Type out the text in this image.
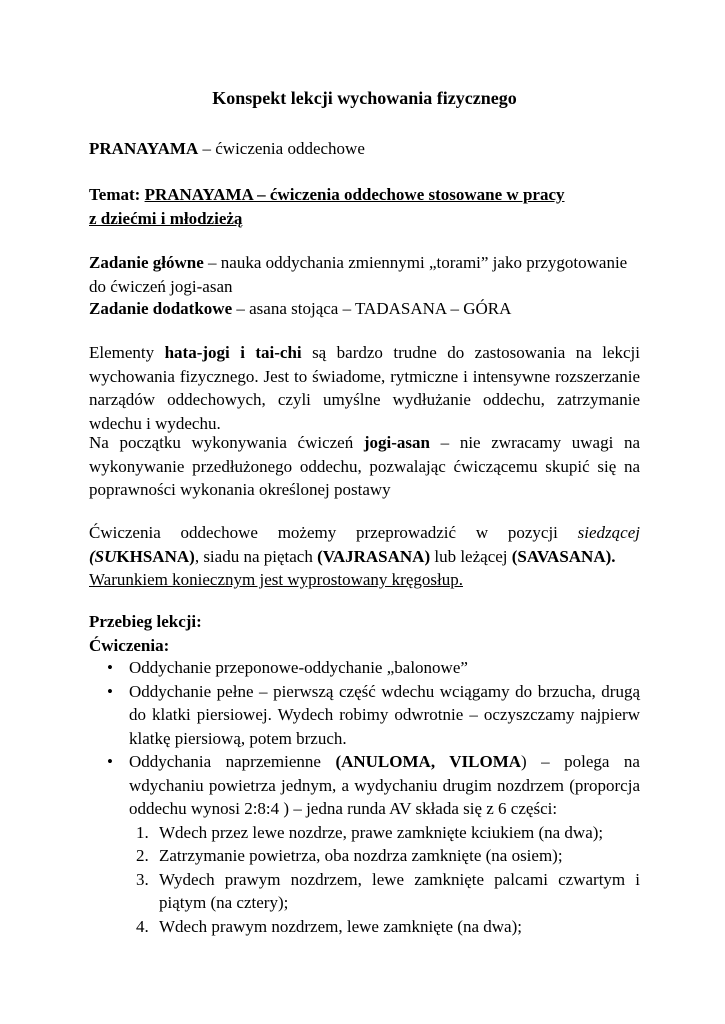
Konspekt lekcji wychowania fizycznego
PRANAYAMA – ćwiczenia oddechowe
Temat: PRANAYAMA – ćwiczenia oddechowe stosowane w pracy
z dziećmi i młodzieżą
Zadanie główne – nauka oddychania zmiennymi „torami” jako przygotowanie
do ćwiczeń jogi-asan
Zadanie dodatkowe – asana stojąca – TADASANA – GÓRA
Elementy hata-jogi i tai-chi są bardzo trudne do zastosowania na lekcji wychowania fizycznego. Jest to świadome, rytmiczne i intensywne rozszerzanie narządów oddechowych, czyli umyślne wydłużanie oddechu, zatrzymanie wdechu i wydechu.
Na początku wykonywania ćwiczeń jogi-asan – nie zwracamy uwagi na wykonywanie przedłużonego oddechu, pozwalając ćwiczącemu skupić się na poprawności wykonania określonej postawy
Ćwiczenia oddechowe możemy przeprowadzić w pozycji siedzącej (SUKHSANA), siadu na piętach (VAJRASANA) lub leżącej (SAVASANA).
Warunkiem koniecznym jest wyprostowany kręgosłup.
Przebieg lekcji:
Ćwiczenia:
• Oddychanie przeponowe-oddychanie „balonowe”
• Oddychanie pełne – pierwszą część wdechu wciągamy do brzucha, drugą do klatki piersiowej. Wydech robimy odwrotnie – oczyszczamy najpierw klatkę piersiową, potem brzuch.
• Oddychania naprzemienne (ANULOMA, VILOMA) – polega na wdychaniu powietrza jednym, a wydychaniu drugim nozdrzem (proporcja oddechu wynosi 2:8:4 ) – jedna runda AV składa się z 6 części:
1. Wdech przez lewe nozdrze, prawe zamknięte kciukiem (na dwa);
2. Zatrzymanie powietrza, oba nozdrza zamknięte (na osiem);
3. Wydech prawym nozdrzem, lewe zamknięte palcami czwartym i piątym (na cztery);
4. Wdech prawym nozdrzem, lewe zamknięte (na dwa);
